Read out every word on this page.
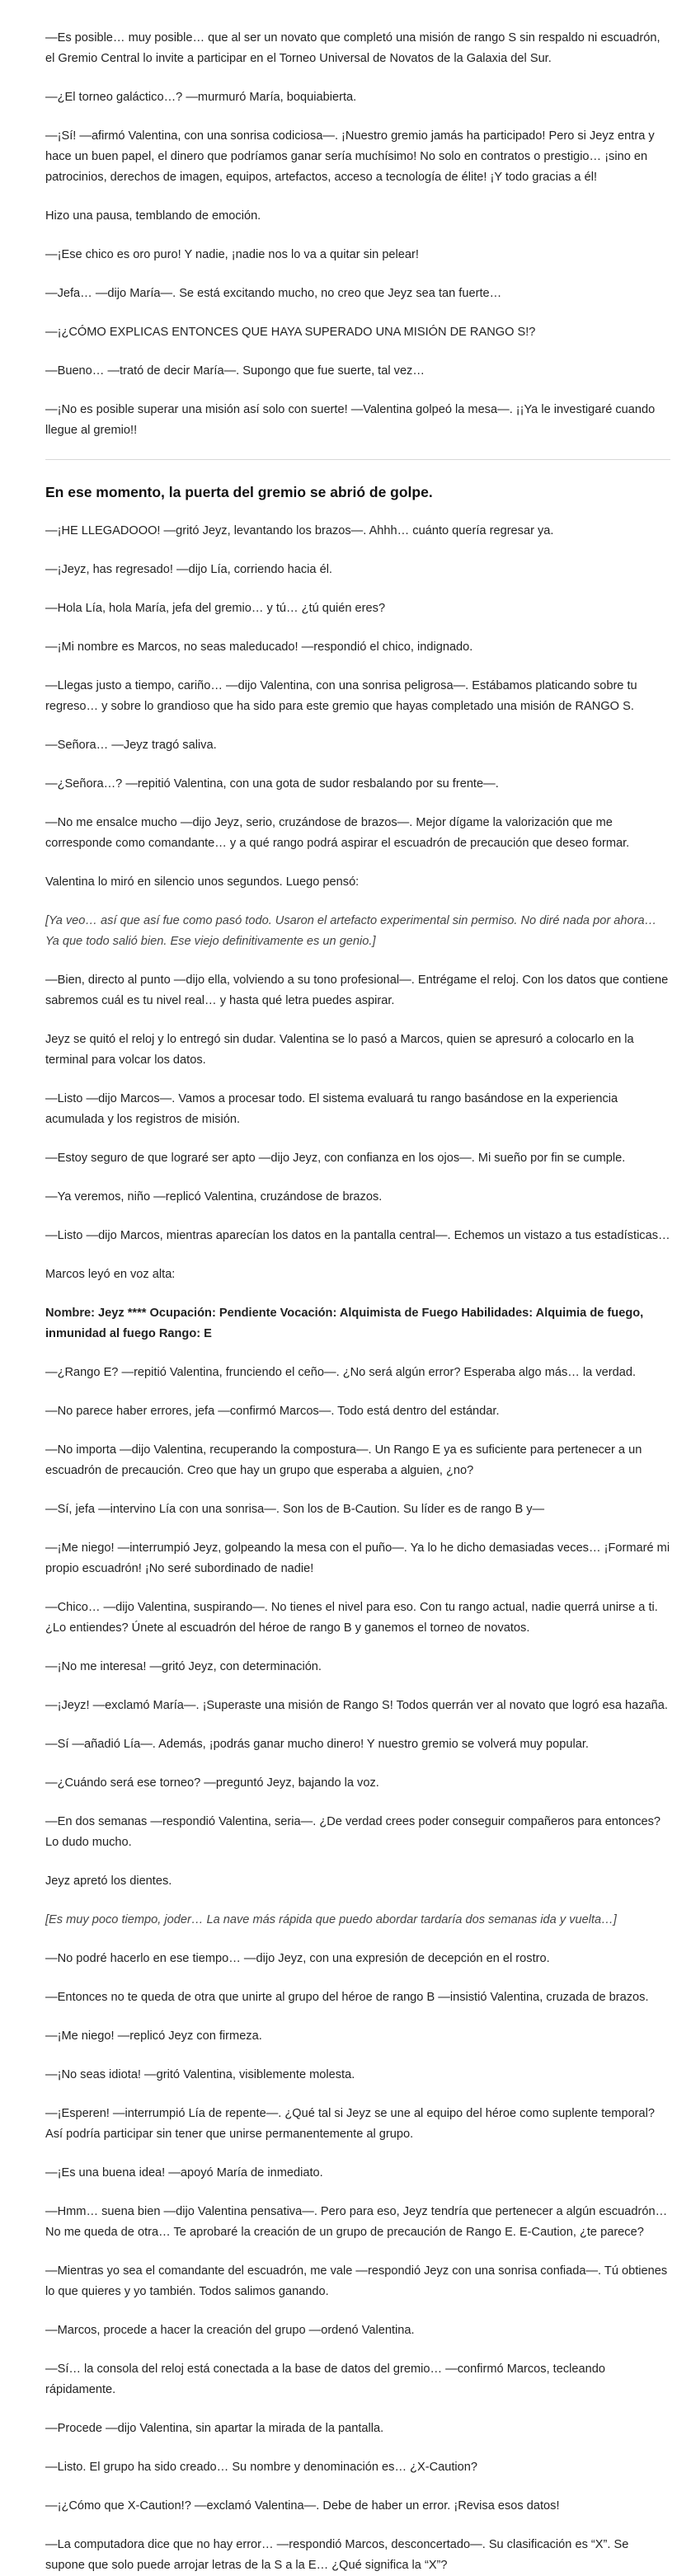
—Es posible… muy posible… que al ser un novato que completó una misión de rango S sin respaldo ni escuadrón, el Gremio Central lo invite a participar en el Torneo Universal de Novatos de la Galaxia del Sur.

—¿El torneo galáctico…? —murmuró María, boquiabierta.

—¡Sí! —afirmó Valentina, con una sonrisa codiciosa—. ¡Nuestro gremio jamás ha participado! Pero si Jeyz entra y hace un buen papel, el dinero que podríamos ganar sería muchísimo! No solo en contratos o prestigio… ¡sino en patrocinios, derechos de imagen, equipos, artefactos, acceso a tecnología de élite! ¡Y todo gracias a él!

Hizo una pausa, temblando de emoción.

—¡Ese chico es oro puro! Y nadie, ¡nadie nos lo va a quitar sin pelear!

—Jefa… —dijo María—. Se está excitando mucho, no creo que Jeyz sea tan fuerte…

—¡¿CÓMO EXPLICAS ENTONCES QUE HAYA SUPERADO UNA MISIÓN DE RANGO S!?

—Bueno… —trató de decir María—. Supongo que fue suerte, tal vez…

—¡No es posible superar una misión así solo con suerte! —Valentina golpeó la mesa—. ¡¡Ya le investigaré cuando llegue al gremio!!

En ese momento, la puerta del gremio se abrió de golpe.

—¡HE LLEGADOOO! —gritó Jeyz, levantando los brazos—. Ahhh… cuánto quería regresar ya.

—¡Jeyz, has regresado! —dijo Lía, corriendo hacia él.

—Hola Lía, hola María, jefa del gremio… y tú… ¿tú quién eres?

—¡Mi nombre es Marcos, no seas maleducado! —respondió el chico, indignado.

—Llegas justo a tiempo, cariño… —dijo Valentina, con una sonrisa peligrosa—. Estábamos platicando sobre tu regreso… y sobre lo grandioso que ha sido para este gremio que hayas completado una misión de RANGO S.

—Señora… —Jeyz tragó saliva.

—¿Señora…? —repitió Valentina, con una gota de sudor resbalando por su frente—.

—No me ensalce mucho —dijo Jeyz, serio, cruzándose de brazos—. Mejor dígame la valorización que me corresponde como comandante… y a qué rango podrá aspirar el escuadrón de precaución que deseo formar.

Valentina lo miró en silencio unos segundos. Luego pensó:

[Ya veo… así que así fue como pasó todo. Usaron el artefacto experimental sin permiso. No diré nada por ahora… Ya que todo salió bien. Ese viejo definitivamente es un genio.]

—Bien, directo al punto —dijo ella, volviendo a su tono profesional—. Entrégame el reloj. Con los datos que contiene sabremos cuál es tu nivel real… y hasta qué letra puedes aspirar.

Jeyz se quitó el reloj y lo entregó sin dudar. Valentina se lo pasó a Marcos, quien se apresuró a colocarlo en la terminal para volcar los datos.

—Listo —dijo Marcos—. Vamos a procesar todo. El sistema evaluará tu rango basándose en la experiencia acumulada y los registros de misión.

—Estoy seguro de que lograré ser apto —dijo Jeyz, con confianza en los ojos—. Mi sueño por fin se cumple.

—Ya veremos, niño —replicó Valentina, cruzándose de brazos.

—Listo —dijo Marcos, mientras aparecían los datos en la pantalla central—. Echemos un vistazo a tus estadísticas…

Marcos leyó en voz alta:

Nombre: Jeyz **** Ocupación: Pendiente Vocación: Alquimista de Fuego Habilidades: Alquimia de fuego, inmunidad al fuego Rango: E

—¿Rango E? —repitió Valentina, frunciendo el ceño—. ¿No será algún error? Esperaba algo más… la verdad.

—No parece haber errores, jefa —confirmó Marcos—. Todo está dentro del estándar.

—No importa —dijo Valentina, recuperando la compostura—. Un Rango E ya es suficiente para pertenecer a un escuadrón de precaución. Creo que hay un grupo que esperaba a alguien, ¿no?

—Sí, jefa —intervino Lía con una sonrisa—. Son los de B-Caution. Su líder es de rango B y—

—¡Me niego! —interrumpió Jeyz, golpeando la mesa con el puño—. Ya lo he dicho demasiadas veces… ¡Formaré mi propio escuadrón! ¡No seré subordinado de nadie!

—Chico… —dijo Valentina, suspirando—. No tienes el nivel para eso. Con tu rango actual, nadie querrá unirse a ti. ¿Lo entiendes? Únete al escuadrón del héroe de rango B y ganemos el torneo de novatos.

—¡No me interesa! —gritó Jeyz, con determinación.

—¡Jeyz! —exclamó María—. ¡Superaste una misión de Rango S! Todos querrán ver al novato que logró esa hazaña.

—Sí —añadió Lía—. Además, ¡podrás ganar mucho dinero! Y nuestro gremio se volverá muy popular.

—¿Cuándo será ese torneo? —preguntó Jeyz, bajando la voz.

—En dos semanas —respondió Valentina, seria—. ¿De verdad crees poder conseguir compañeros para entonces? Lo dudo mucho.

Jeyz apretó los dientes.

[Es muy poco tiempo, joder… La nave más rápida que puedo abordar tardaría dos semanas ida y vuelta…]

—No podré hacerlo en ese tiempo… —dijo Jeyz, con una expresión de decepción en el rostro.

—Entonces no te queda de otra que unirte al grupo del héroe de rango B —insistió Valentina, cruzada de brazos.

—¡Me niego! —replicó Jeyz con firmeza.

—¡No seas idiota! —gritó Valentina, visiblemente molesta.

—¡Esperen! —interrumpió Lía de repente—. ¿Qué tal si Jeyz se une al equipo del héroe como suplente temporal? Así podría participar sin tener que unirse permanentemente al grupo.

—¡Es una buena idea! —apoyó María de inmediato.

—Hmm… suena bien —dijo Valentina pensativa—. Pero para eso, Jeyz tendría que pertenecer a algún escuadrón… No me queda de otra… Te aprobaré la creación de un grupo de precaución de Rango E. E-Caution, ¿te parece?

—Mientras yo sea el comandante del escuadrón, me vale —respondió Jeyz con una sonrisa confiada—. Tú obtienes lo que quieres y yo también. Todos salimos ganando.

—Marcos, procede a hacer la creación del grupo —ordenó Valentina.

—Sí… la consola del reloj está conectada a la base de datos del gremio… —confirmó Marcos, tecleando rápidamente.

—Procede —dijo Valentina, sin apartar la mirada de la pantalla.

—Listo. El grupo ha sido creado… Su nombre y denominación es… ¿X-Caution?

—¡¿Cómo que X-Caution!? —exclamó Valentina—. Debe de haber un error. ¡Revisa esos datos!

—La computadora dice que no hay error… —respondió Marcos, desconcertado—. Su clasificación es “X”. Se supone que solo puede arrojar letras de la S a la E… ¿Qué significa la “X”?
